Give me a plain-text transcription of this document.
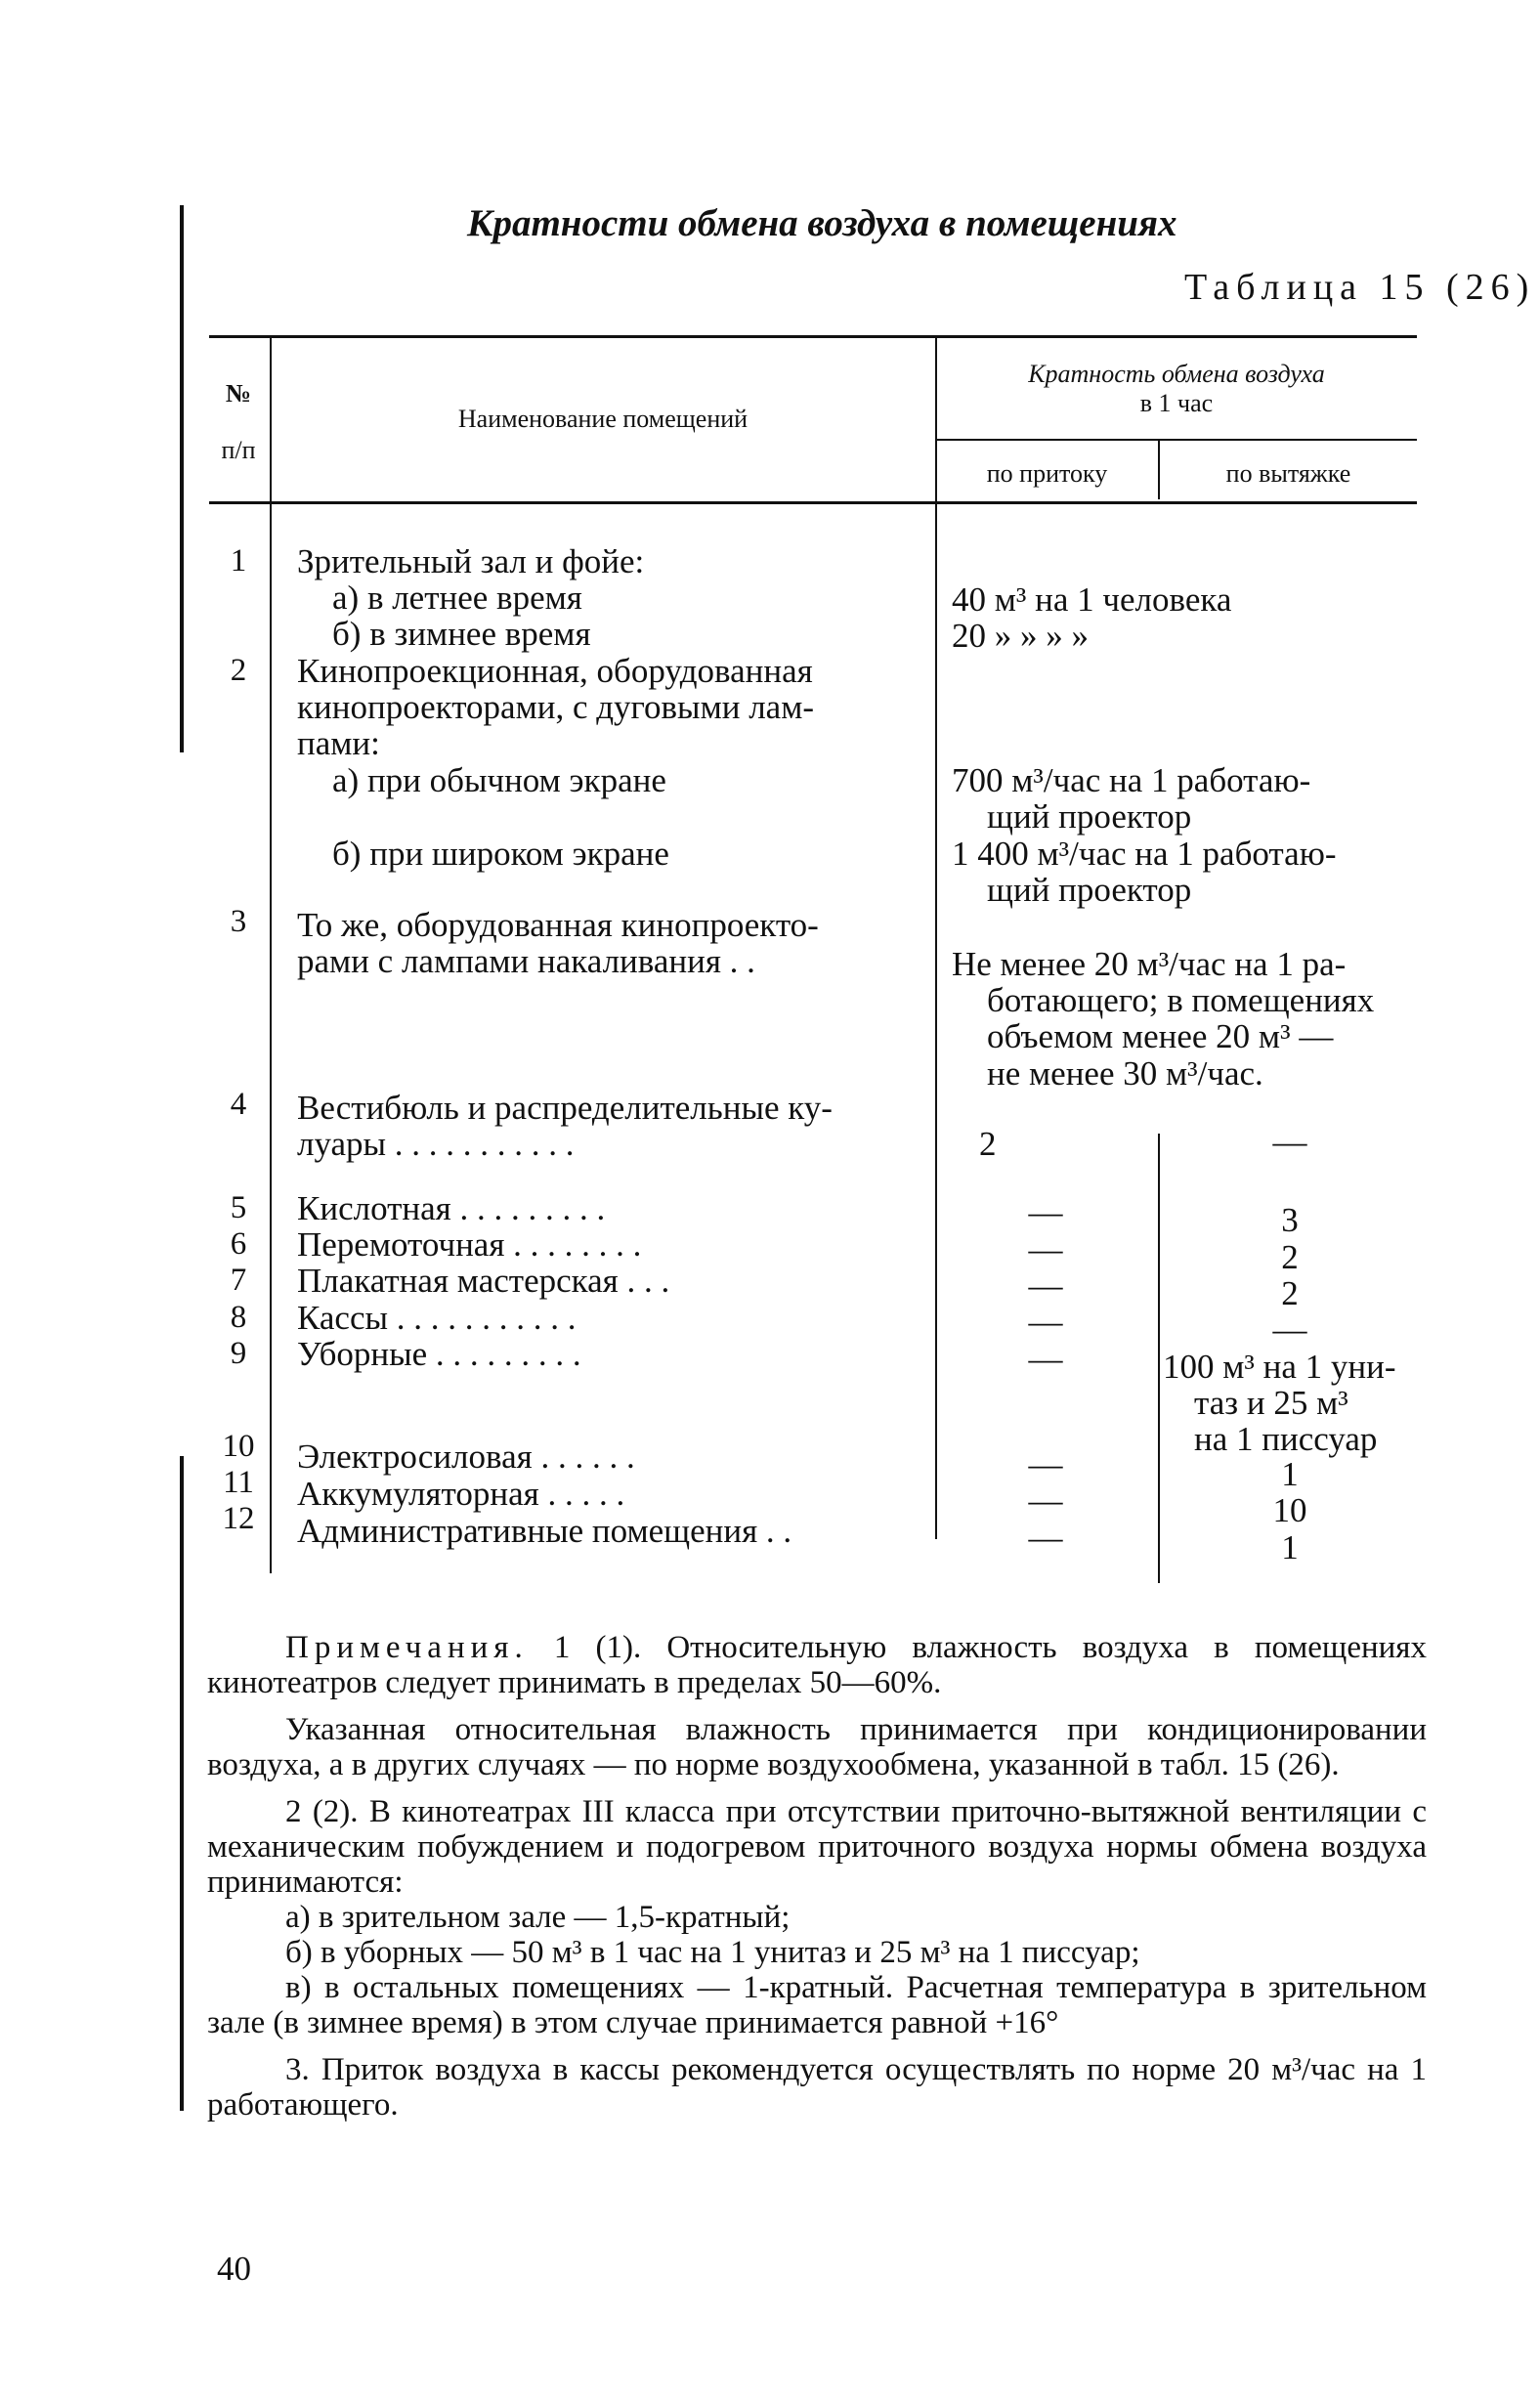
Кратности обмена воздуха в помещениях
Таблица 15 (26)
№
п/п
Наименование помещений
Кратность обмена воздуха
в 1 час
по притоку	по вытяжке
1	Зрительный зал и фойе:
а) в летнее время	40 м³ на 1 человека
б) в зимнее время	20 » » » »
2	Кинопроекционная, оборудованная
кинопроекторами, с дуговыми лам-
пами:
а) при обычном экране	700 м³/час на 1 работаю-
щий проектор
б) при широком экране	1 400 м³/час на 1 работаю-
щий проектор
3	То же, оборудованная кинопроекто-
рами с лампами накаливания . .	Не менее 20 м³/час на 1 ра-
ботающего; в помещениях
объемом менее 20 м³ —
не менее 30 м³/час.
4	Вестибюль и распределительные ку-
луары . . . . . . . . . . .	2	—
5	Кислотная . . . . . . . . .	—	3
6	Перемоточная . . . . . . . .	—	2
7	Плакатная мастерская . . .	—	2
8	Кассы . . . . . . . . . . .	—	—
9	Уборные . . . . . . . . .	—	100 м³ на 1 уни-
таз и 25 м³
на 1 писсуар
10	Электросиловая . . . . . .	—	1
11	Аккумуляторная . . . . .	—	10
12	Административные помещения . .	—	1

Примечания. 1 (1). Относительную влажность воздуха в помещениях кинотеатров следует принимать в пределах 50—60%.

Указанная относительная влажность принимается при кондиционировании воздуха, а в других случаях — по норме воздухообмена, указанной в табл. 15 (26).

2 (2). В кинотеатрах III класса при отсутствии приточно-вытяжной вентиляции с механическим побуждением и подогревом приточного воздуха нормы обмена воздуха принимаются:

а) в зрительном зале — 1,5-кратный;

б) в уборных — 50 м³ в 1 час на 1 унитаз и 25 м³ на 1 писсуар;

в) в остальных помещениях — 1-кратный. Расчетная температура в зрительном зале (в зимнее время) в этом случае принимается равной +16°

3. Приток воздуха в кассы рекомендуется осуществлять по норме 20 м³/час на 1 работающего.

40
